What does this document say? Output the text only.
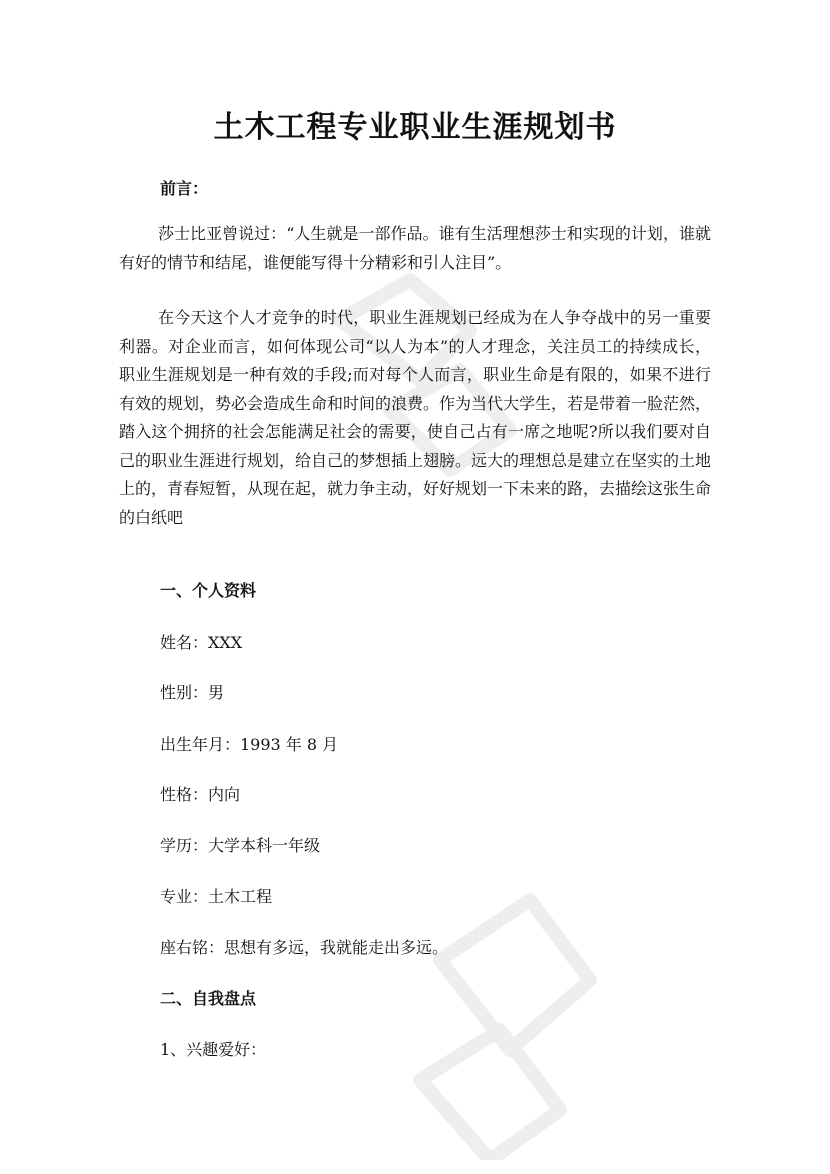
土木工程专业职业生涯规划书

前言：

莎士比亚曾说过：“人生就是一部作品。谁有生活理想莎士和实现的计划，谁就有好的情节和结尾，谁便能写得十分精彩和引人注目”。

在今天这个人才竞争的时代，职业生涯规划已经成为在人争夺战中的另一重要利器。对企业而言，如何体现公司“以人为本”的人才理念，关注员工的持续成长，职业生涯规划是一种有效的手段;而对每个人而言，职业生命是有限的，如果不进行有效的规划，势必会造成生命和时间的浪费。作为当代大学生，若是带着一脸茫然，踏入这个拥挤的社会怎能满足社会的需要，使自己占有一席之地呢?所以我们要对自己的职业生涯进行规划，给自己的梦想插上翅膀。远大的理想总是建立在坚实的土地上的，青春短暂，从现在起，就力争主动，好好规划一下未来的路，去描绘这张生命的白纸吧

一、个人资料

姓名：XXX

性别：男

出生年月：1993 年 8 月

性格：内向

学历：大学本科一年级

专业：土木工程

座右铭：思想有多远，我就能走出多远。

二、自我盘点

1、兴趣爱好：
